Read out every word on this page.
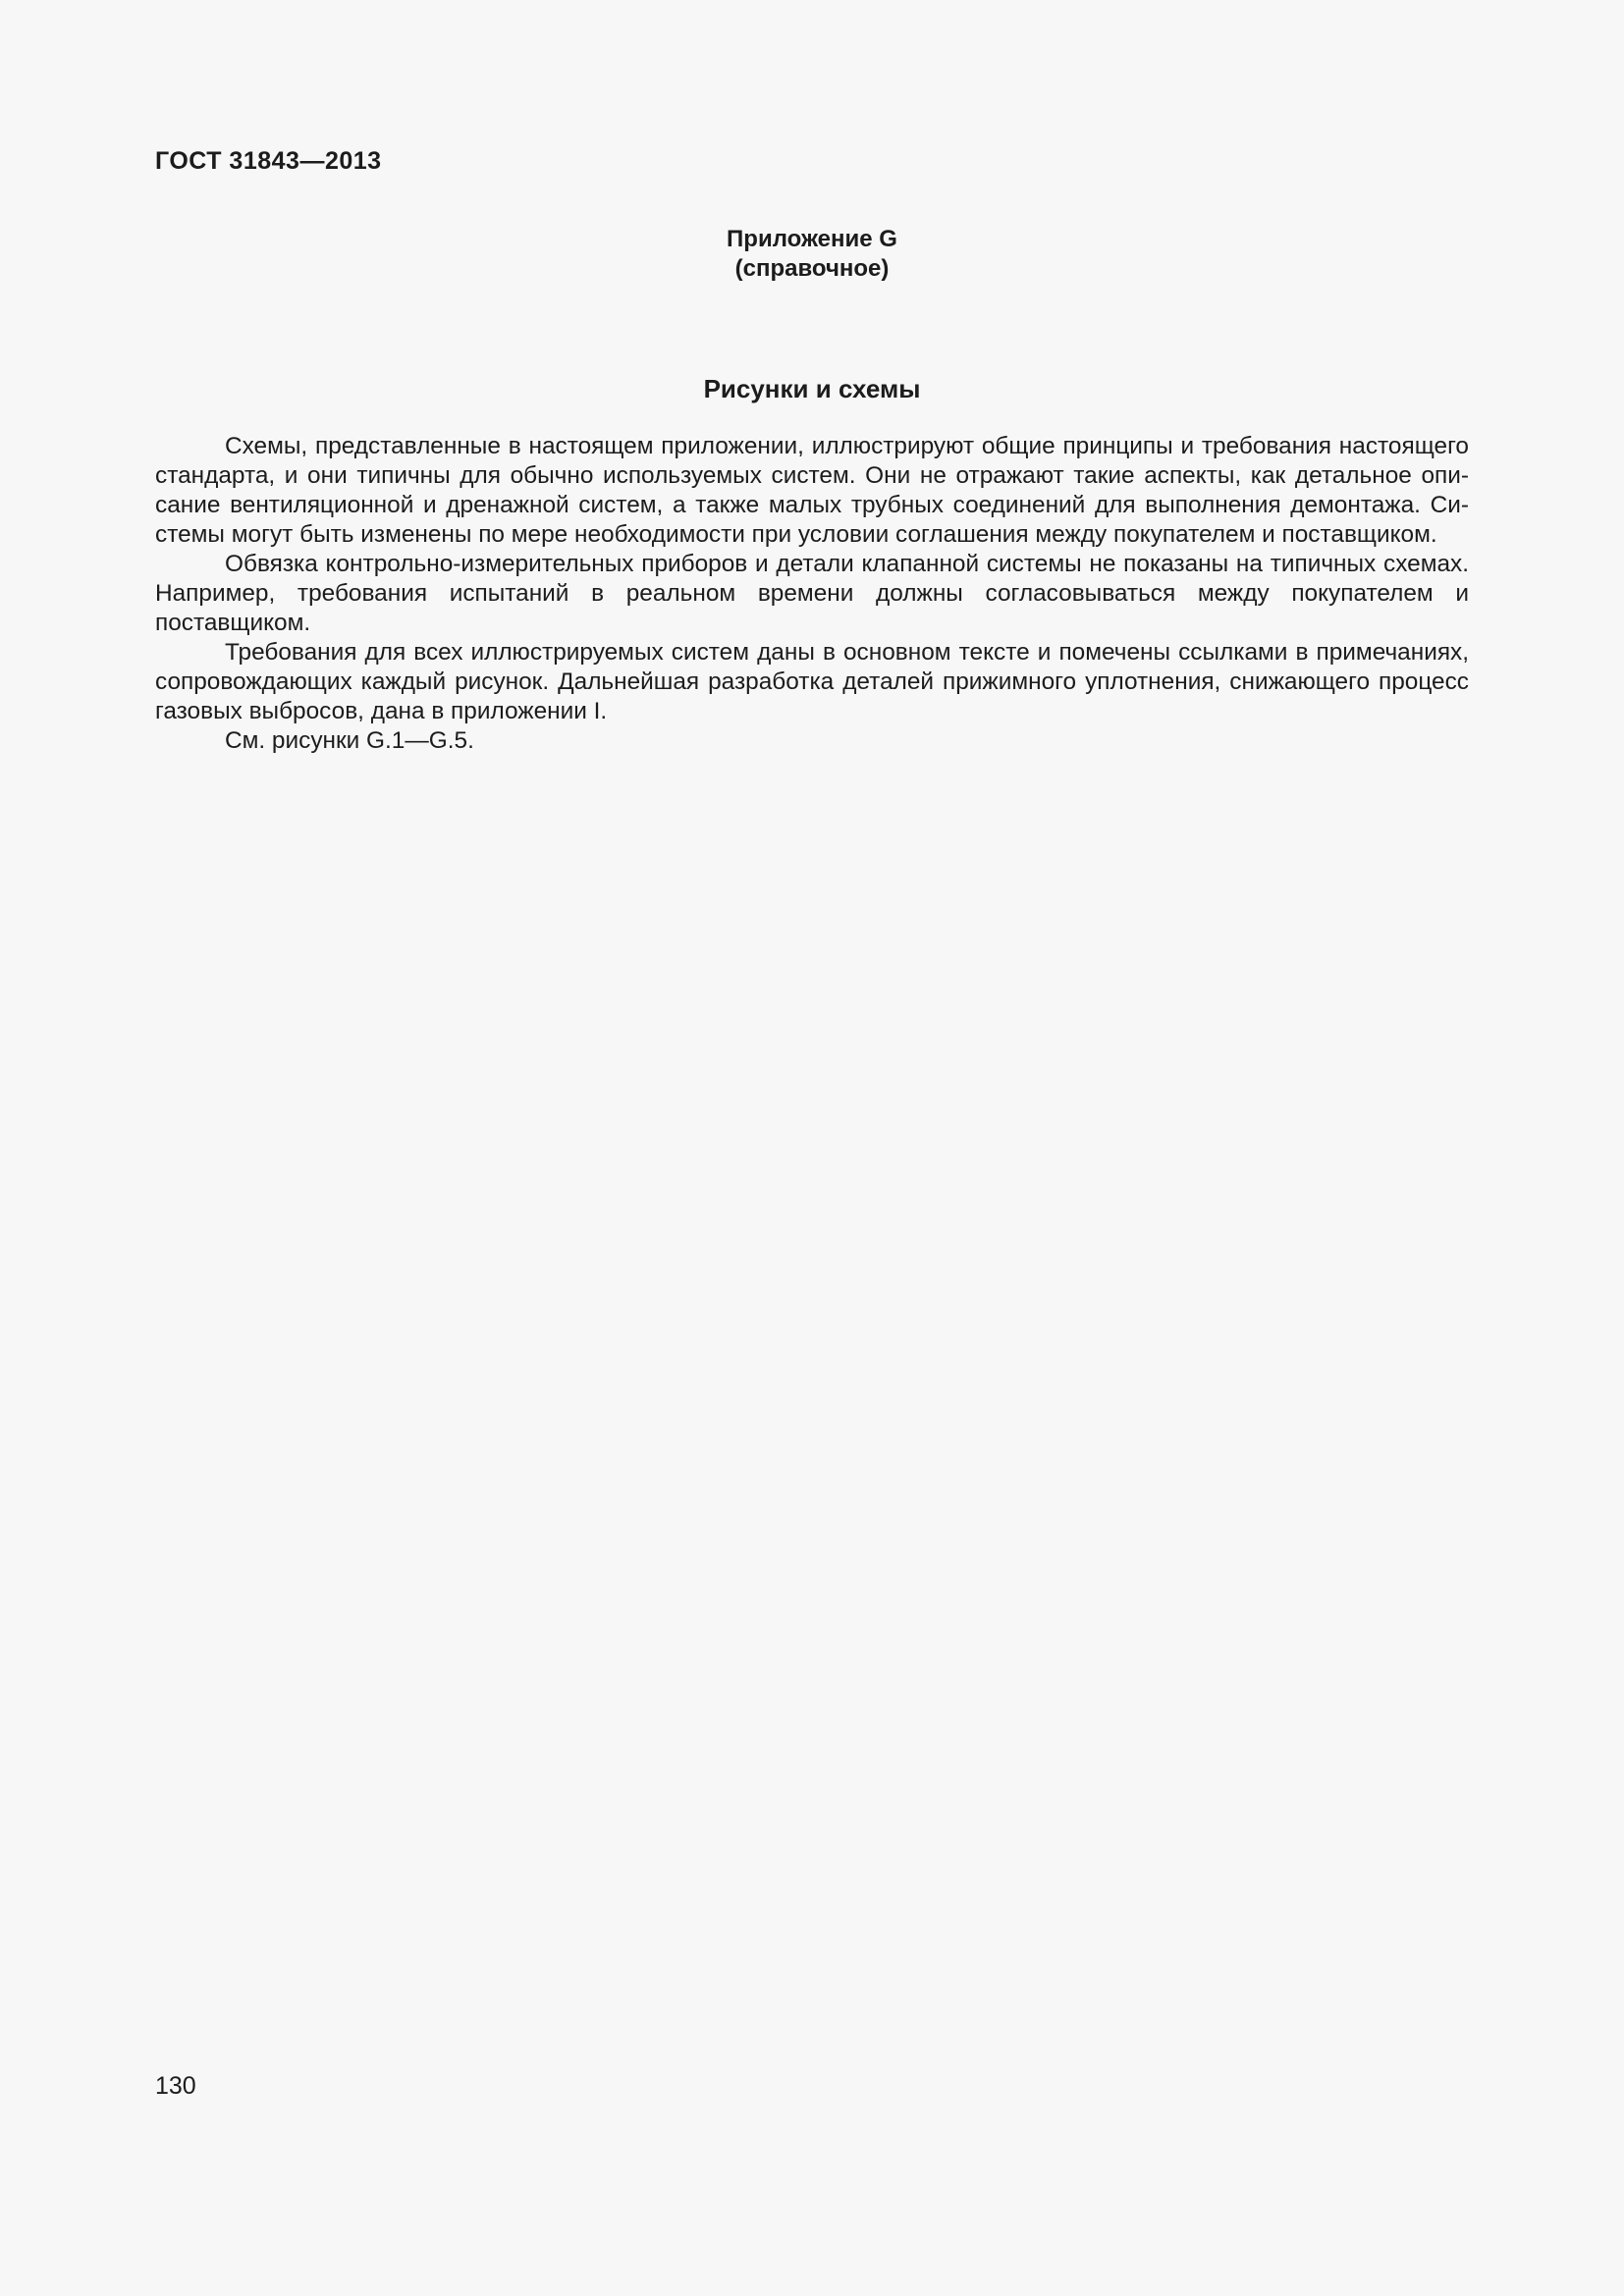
ГОСТ 31843—2013
Приложение G
(справочное)
Рисунки и схемы

Схемы, представленные в настоящем приложении, иллюстрируют общие принципы и требования настоящего стандарта, и они типичны для обычно используемых систем. Они не отражают такие аспекты, как детальное описание вентиляционной и дренажной систем, а также малых трубных соединений для выполнения демонтажа. Системы могут быть изменены по мере необходимости при условии соглашения между покупателем и поставщиком.

Обвязка контрольно-измерительных приборов и детали клапанной системы не показаны на типичных схемах. Например, требования испытаний в реальном времени должны согласовываться между покупателем и поставщиком.

Требования для всех иллюстрируемых систем даны в основном тексте и помечены ссылками в примечаниях, сопровождающих каждый рисунок. Дальнейшая разработка деталей прижимного уплотнения, снижающего процесс газовых выбросов, дана в приложении I.

См. рисунки G.1—G.5.

130
